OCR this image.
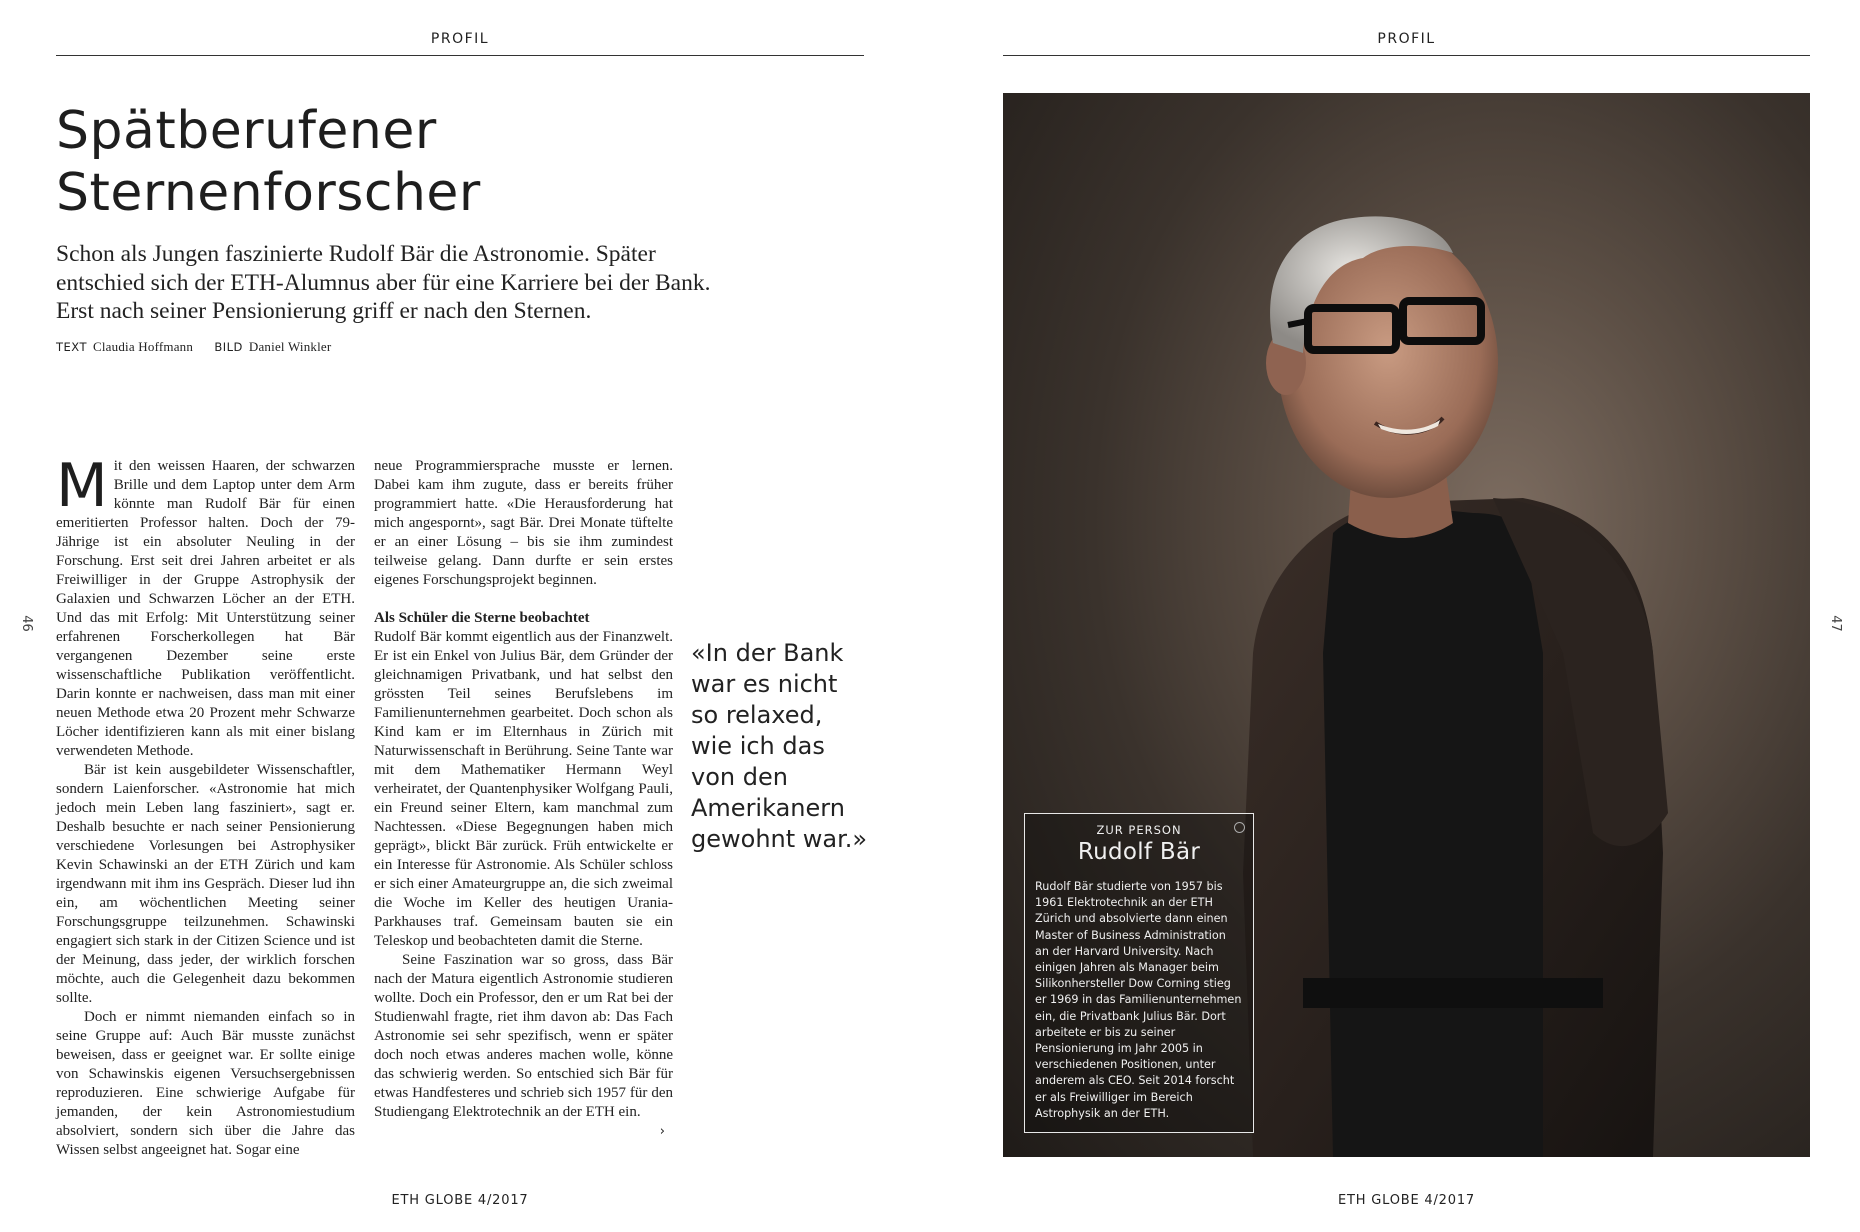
PROFIL	PROFIL
Spätberufener Sternenforscher

Schon als Jungen faszinierte Rudolf Bär die Astronomie. Später entschied sich der ETH-Alumnus aber für eine Karriere bei der Bank. Erst nach seiner Pensionierung griff er nach den Sternen.

TEXT Claudia Hoffmann BILD Daniel Winkler

Mit den weissen Haaren, der schwarzen Brille und dem Laptop unter dem Arm könnte man Rudolf Bär für einen emeritierten Professor halten. Doch der 79-Jährige ist ein absoluter Neuling in der Forschung. Erst seit drei Jahren arbeitet er als Freiwilliger in der Gruppe Astrophysik der Galaxien und Schwarzen Löcher an der ETH. Und das mit Erfolg: Mit Unterstützung seiner erfahrenen Forscherkollegen hat Bär vergangenen Dezember seine erste wissenschaftliche Publikation veröffentlicht. Darin konnte er nachweisen, dass man mit einer neuen Methode etwa 20 Prozent mehr Schwarze Löcher identifizieren kann als mit einer bislang verwendeten Methode.

Bär ist kein ausgebildeter Wissenschaftler, sondern Laienforscher. «Astronomie hat mich jedoch mein Leben lang fasziniert», sagt er. Deshalb besuchte er nach seiner Pensionierung verschiedene Vorlesungen bei Astrophysiker Kevin Schawinski an der ETH Zürich und kam irgendwann mit ihm ins Gespräch. Dieser lud ihn ein, am wöchentlichen Meeting seiner Forschungsgruppe teilzunehmen. Schawinski engagiert sich stark in der Citizen Science und ist der Meinung, dass jeder, der wirklich forschen möchte, auch die Gelegenheit dazu bekommen sollte.

Doch er nimmt niemanden einfach so in seine Gruppe auf: Auch Bär musste zunächst beweisen, dass er geeignet war. Er sollte einige von Schawinskis eigenen Versuchsergebnissen reproduzieren. Eine schwierige Aufgabe für jemanden, der kein Astronomiestudium absolviert, sondern sich über die Jahre das Wissen selbst angeeignet hat. Sogar eine

neue Programmiersprache musste er lernen. Dabei kam ihm zugute, dass er bereits früher programmiert hatte. «Die Herausforderung hat mich angespornt», sagt Bär. Drei Monate tüftelte er an einer Lösung – bis sie ihm zumindest teilweise gelang. Dann durfte er sein erstes eigenes Forschungsprojekt beginnen.

Als Schüler die Sterne beobachtet

Rudolf Bär kommt eigentlich aus der Finanzwelt. Er ist ein Enkel von Julius Bär, dem Gründer der gleichnamigen Privatbank, und hat selbst den grössten Teil seines Berufslebens im Familienunternehmen gearbeitet. Doch schon als Kind kam er im Elternhaus in Zürich mit Naturwissenschaft in Berührung. Seine Tante war mit dem Mathematiker Hermann Weyl verheiratet, der Quantenphysiker Wolfgang Pauli, ein Freund seiner Eltern, kam manchmal zum Nachtessen. «Diese Begegnungen haben mich geprägt», blickt Bär zurück. Früh entwickelte er ein Interesse für Astronomie. Als Schüler schloss er sich einer Amateurgruppe an, die sich zweimal die Woche im Keller des heutigen Urania-Parkhauses traf. Gemeinsam bauten sie ein Teleskop und beobachteten damit die Sterne.

Seine Faszination war so gross, dass Bär nach der Matura eigentlich Astronomie studieren wollte. Doch ein Professor, den er um Rat bei der Studienwahl fragte, riet ihm davon ab: Das Fach Astronomie sei sehr spezifisch, wenn er später doch noch etwas anderes machen wolle, könne das schwierig werden. So entschied sich Bär für etwas Handfesteres und schrieb sich 1957 für den Studiengang Elektrotechnik an der ETH ein.
›

«In der Bank war es nicht so relaxed, wie ich das von den Amerikanern gewohnt war.»
46	47
ZUR PERSON
Rudolf Bär
Rudolf Bär studierte von 1957 bis 1961 Elektrotechnik an der ETH Zürich und absolvierte dann einen Master of Business Administration an der Harvard University. Nach einigen Jahren als Manager beim Silikonhersteller Dow Corning stieg er 1969 in das Familienunternehmen ein, die Privatbank Julius Bär. Dort arbeitete er bis zu seiner Pensionierung im Jahr 2005 in verschiedenen Positionen, unter anderem als CEO. Seit 2014 forscht er als Freiwilliger im Bereich Astrophysik an der ETH.
ETH GLOBE 4/2017	ETH GLOBE 4/2017
